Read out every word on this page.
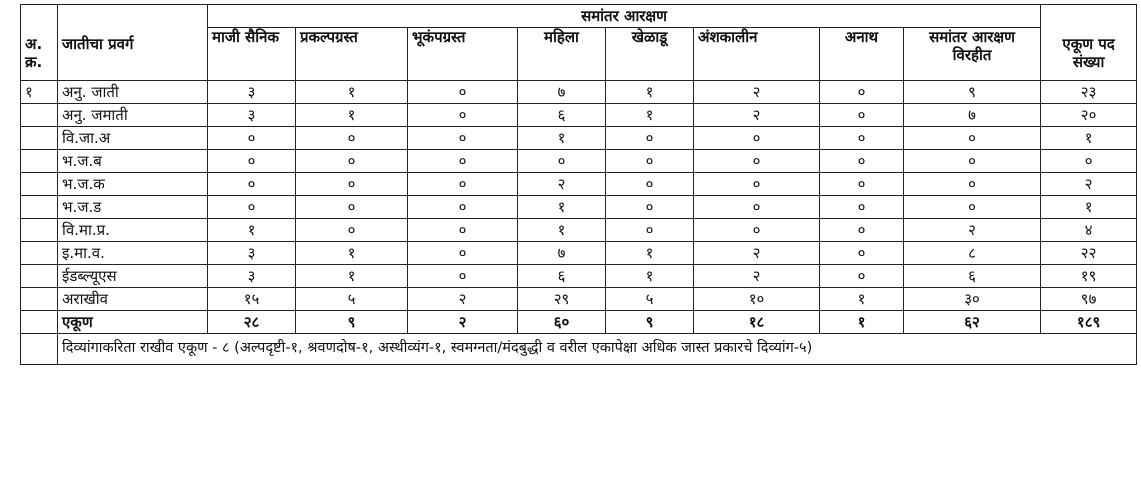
अ. क्र.	जातीचा प्रवर्ग	समांतर आरक्षण								एकूण पद संख्या
		माजी सैनिक	प्रकल्पग्रस्त	भूकंपग्रस्त	महिला	खेळाडू	अंशकालीन	अनाथ	समांतर आरक्षण विरहीत	
१	अनु. जाती	३	१	०	७	१	२	०	९	२३
	अनु. जमाती	३	१	०	६	१	२	०	७	२०
	वि.जा.अ	०	०	०	१	०	०	०	०	१
	भ.ज.ब	०	०	०	०	०	०	०	०	०
	भ.ज.क	०	०	०	२	०	०	०	०	२
	भ.ज.ड	०	०	०	१	०	०	०	०	१
	वि.मा.प्र.	१	०	०	१	०	०	०	२	४
	इ.मा.व.	३	१	०	७	१	२	०	८	२२
	ईडब्ल्यूएस	३	१	०	६	१	२	०	६	१९
	अराखीव	१५	५	२	२९	५	१०	१	३०	९७
	एकूण	२८	९	२	६०	९	१८	१	६२	१८९
	दिव्यांगाकरिता राखीव एकूण - ८ (अल्पदृष्टी-१, श्रवणदोष-१, अस्थीव्यंग-१, स्वमग्नता/मंदबुद्धी व वरील एकापेक्षा अधिक जास्त प्रकारचे दिव्यांग-५)									
